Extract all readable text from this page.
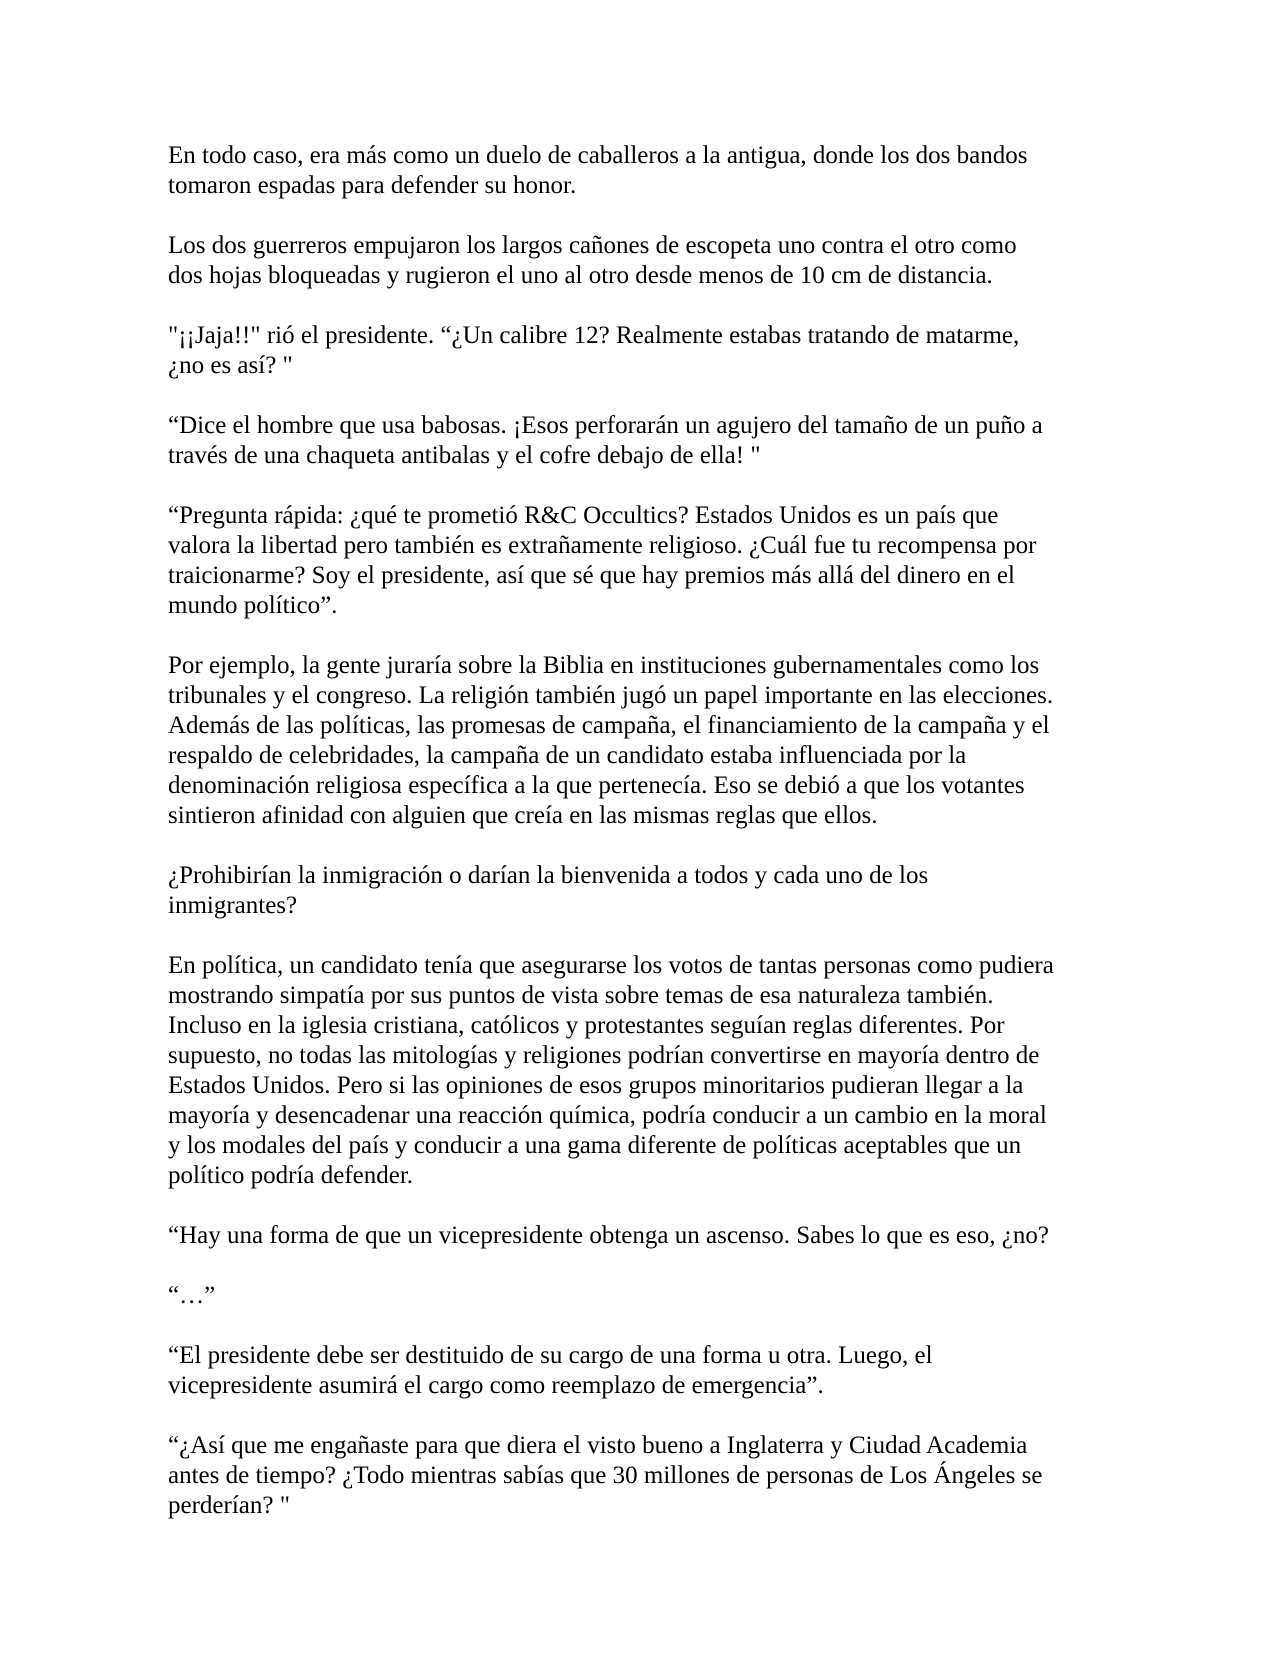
En todo caso, era más como un duelo de caballeros a la antigua, donde los dos bandos tomaron espadas para defender su honor.

Los dos guerreros empujaron los largos cañones de escopeta uno contra el otro como dos hojas bloqueadas y rugieron el uno al otro desde menos de 10 cm de distancia.

"¡¡Jaja!!" rió el presidente. “¿Un calibre 12? Realmente estabas tratando de matarme, ¿no es así? "

“Dice el hombre que usa babosas. ¡Esos perforarán un agujero del tamaño de un puño a través de una chaqueta antibalas y el cofre debajo de ella! "

“Pregunta rápida: ¿qué te prometió R&C Occultics? Estados Unidos es un país que valora la libertad pero también es extrañamente religioso. ¿Cuál fue tu recompensa por traicionarme? Soy el presidente, así que sé que hay premios más allá del dinero en el mundo político”.

Por ejemplo, la gente juraría sobre la Biblia en instituciones gubernamentales como los tribunales y el congreso. La religión también jugó un papel importante en las elecciones. Además de las políticas, las promesas de campaña, el financiamiento de la campaña y el respaldo de celebridades, la campaña de un candidato estaba influenciada por la denominación religiosa específica a la que pertenecía. Eso se debió a que los votantes sintieron afinidad con alguien que creía en las mismas reglas que ellos.

¿Prohibirían la inmigración o darían la bienvenida a todos y cada uno de los inmigrantes?

En política, un candidato tenía que asegurarse los votos de tantas personas como pudiera mostrando simpatía por sus puntos de vista sobre temas de esa naturaleza también. Incluso en la iglesia cristiana, católicos y protestantes seguían reglas diferentes. Por supuesto, no todas las mitologías y religiones podrían convertirse en mayoría dentro de Estados Unidos. Pero si las opiniones de esos grupos minoritarios pudieran llegar a la mayoría y desencadenar una reacción química, podría conducir a un cambio en la moral y los modales del país y conducir a una gama diferente de políticas aceptables que un político podría defender.

“Hay una forma de que un vicepresidente obtenga un ascenso. Sabes lo que es eso, ¿no?

“…”

“El presidente debe ser destituido de su cargo de una forma u otra. Luego, el vicepresidente asumirá el cargo como reemplazo de emergencia”.

“¿Así que me engañaste para que diera el visto bueno a Inglaterra y Ciudad Academia antes de tiempo? ¿Todo mientras sabías que 30 millones de personas de Los Ángeles se perderían? "
